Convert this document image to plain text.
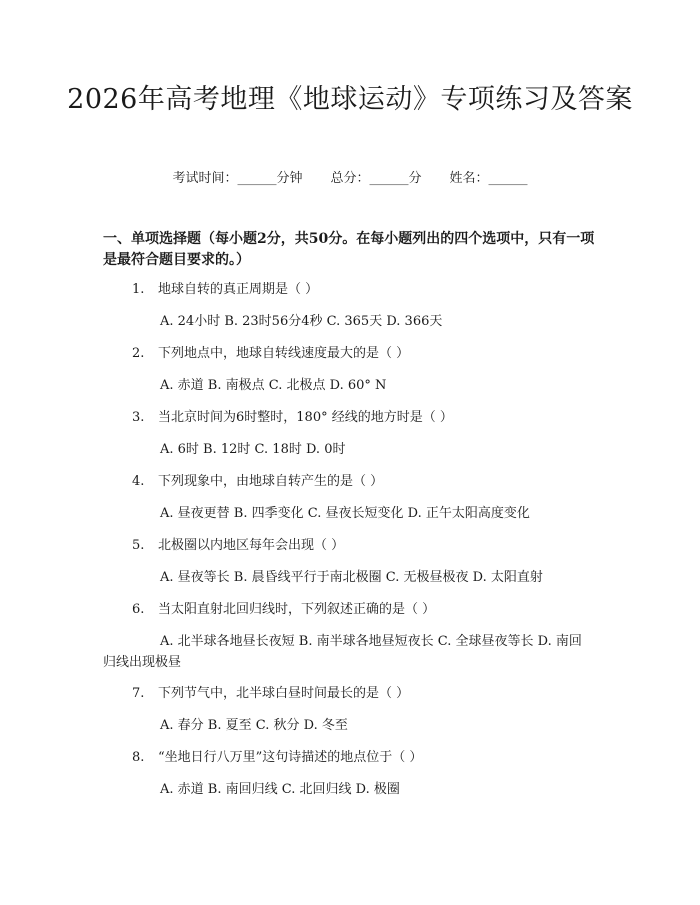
2026年高考地理《地球运动》专项练习及答案
考试时间：______分钟 总分：______分 姓名：______
一、单项选择题（每小题2分，共50分。在每小题列出的四个选项中，只有一项是最符合题目要求的。）
1. 地球自转的真正周期是（ ）
A. 24小时 B. 23时56分4秒 C. 365天 D. 366天
2. 下列地点中，地球自转线速度最大的是（ ）
A. 赤道 B. 南极点 C. 北极点 D. 60° N
3. 当北京时间为6时整时，180° 经线的地方时是（ ）
A. 6时 B. 12时 C. 18时 D. 0时
4. 下列现象中，由地球自转产生的是（ ）
A. 昼夜更替 B. 四季变化 C. 昼夜长短变化 D. 正午太阳高度变化
5. 北极圈以内地区每年会出现（ ）
A. 昼夜等长 B. 晨昏线平行于南北极圈 C. 无极昼极夜 D. 太阳直射
6. 当太阳直射北回归线时，下列叙述正确的是（ ）
A. 北半球各地昼长夜短 B. 南半球各地昼短夜长 C. 全球昼夜等长 D. 南回归线出现极昼
7. 下列节气中，北半球白昼时间最长的是（ ）
A. 春分 B. 夏至 C. 秋分 D. 冬至
8. “坐地日行八万里”这句诗描述的地点位于（ ）
A. 赤道 B. 南回归线 C. 北回归线 D. 极圈
